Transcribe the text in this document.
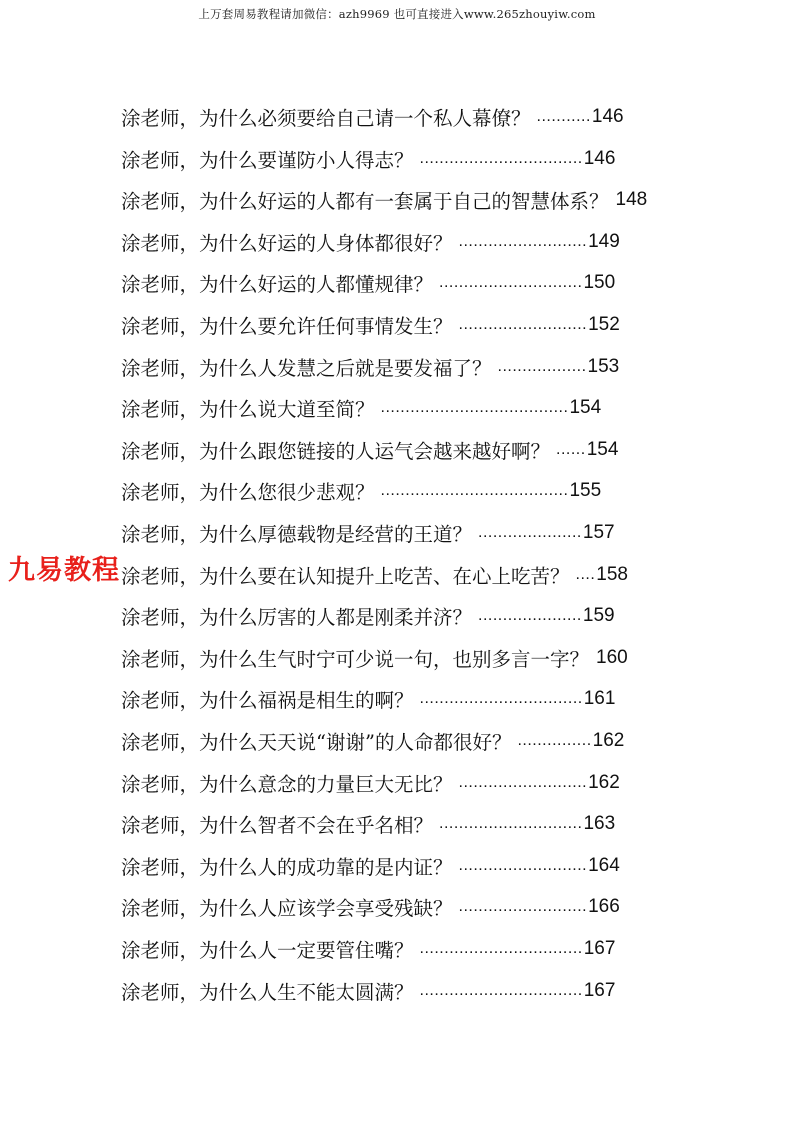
上万套周易教程请加微信：azh9969 也可直接进入www.265zhouyiw.com
九易教程
涂老师，为什么必须要给自己请一个私人幕僚？ ........... 146
涂老师，为什么要谨防小人得志？ ................................. 146
涂老师，为什么好运的人都有一套属于自己的智慧体系？ 148
涂老师，为什么好运的人身体都很好？ .......................... 149
涂老师，为什么好运的人都懂规律？ ............................. 150
涂老师，为什么要允许任何事情发生？ .......................... 152
涂老师，为什么人发慧之后就是要发福了？ .................. 153
涂老师，为什么说大道至简？ ...................................... 154
涂老师，为什么跟您链接的人运气会越来越好啊？ ...... 154
涂老师，为什么您很少悲观？ ...................................... 155
涂老师，为什么厚德载物是经营的王道？ ..................... 157
涂老师，为什么要在认知提升上吃苦、在心上吃苦？ .... 158
涂老师，为什么厉害的人都是刚柔并济？ ..................... 159
涂老师，为什么生气时宁可少说一句，也别多言一字？ 160
涂老师，为什么福祸是相生的啊？ ................................. 161
涂老师，为什么天天说“谢谢”的人命都很好？ ............... 162
涂老师，为什么意念的力量巨大无比？ .......................... 162
涂老师，为什么智者不会在乎名相？ ............................. 163
涂老师，为什么人的成功靠的是内证？ .......................... 164
涂老师，为什么人应该学会享受残缺？ .......................... 166
涂老师，为什么人一定要管住嘴？ ................................. 167
涂老师，为什么人生不能太圆满？ ................................. 167
